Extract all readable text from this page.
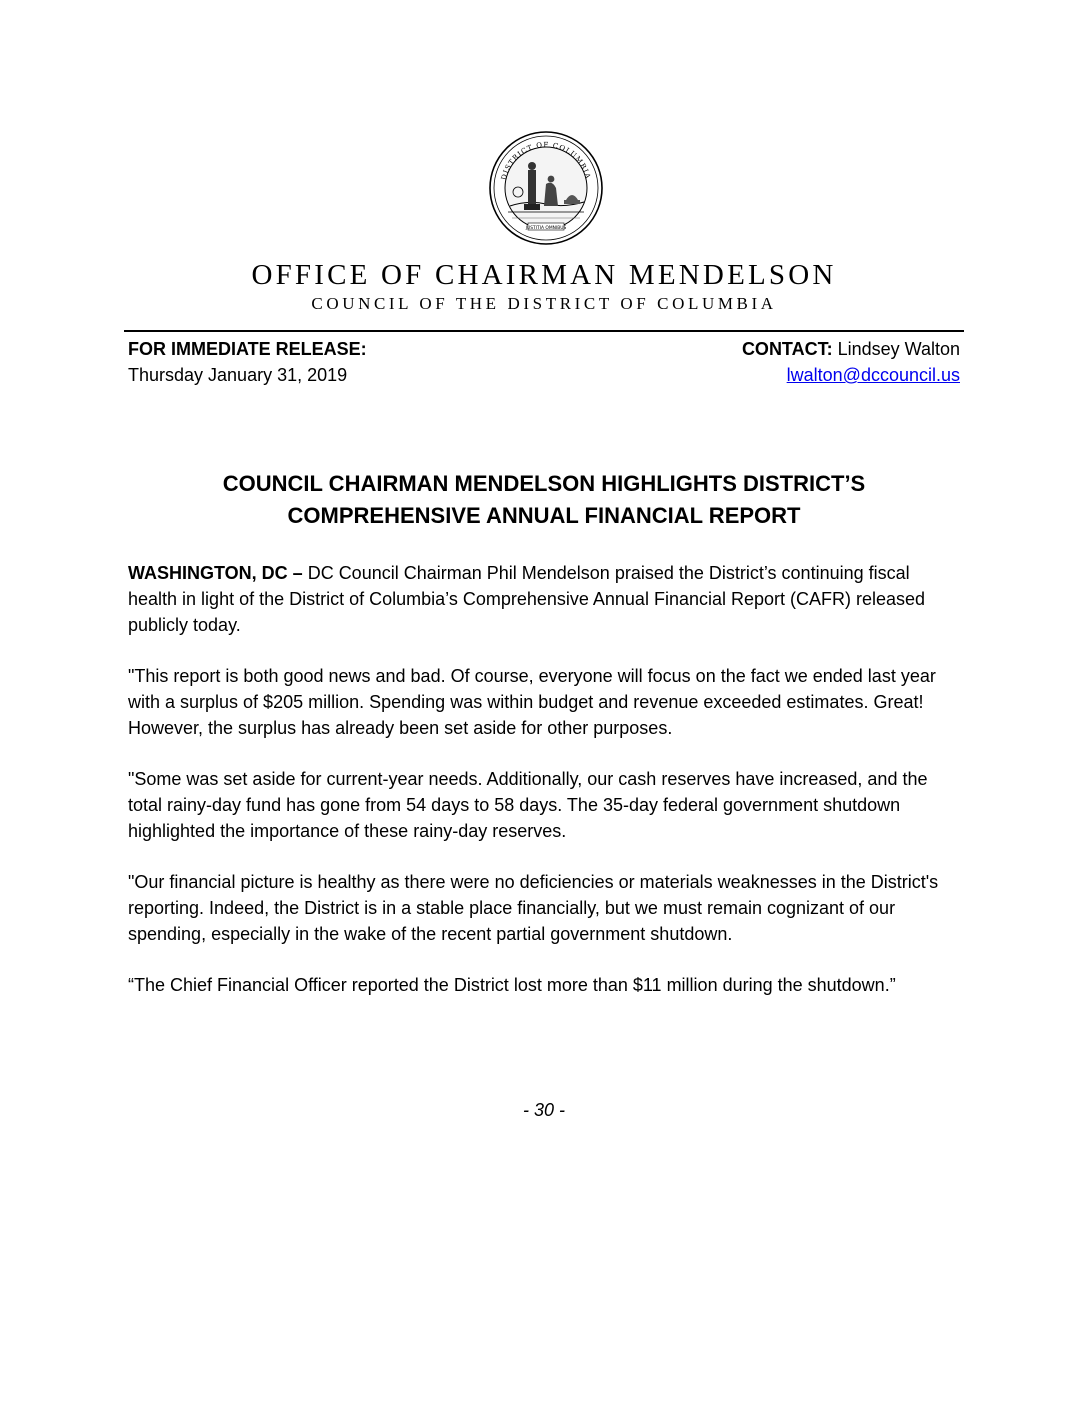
DISTRICT OF COLUMBIA
JUSTITIA OMNIBUS
OFFICE OF CHAIRMAN MENDELSON
COUNCIL OF THE DISTRICT OF COLUMBIA
FOR IMMEDIATE RELEASE:
Thursday January 31, 2019
CONTACT: Lindsey Walton
lwalton@dccouncil.us
COUNCIL CHAIRMAN MENDELSON HIGHLIGHTS DISTRICT’S
COMPREHENSIVE ANNUAL FINANCIAL REPORT

WASHINGTON, DC – DC Council Chairman Phil Mendelson praised the District’s continuing fiscal health in light of the District of Columbia’s Comprehensive Annual Financial Report (CAFR) released publicly today.

"This report is both good news and bad. Of course, everyone will focus on the fact we ended last year with a surplus of $205 million. Spending was within budget and revenue exceeded estimates. Great! However, the surplus has already been set aside for other purposes.

"Some was set aside for current-year needs. Additionally, our cash reserves have increased, and the total rainy-day fund has gone from 54 days to 58 days. The 35-day federal government shutdown highlighted the importance of these rainy-day reserves.

"Our financial picture is healthy as there were no deficiencies or materials weaknesses in the District's reporting. Indeed, the District is in a stable place financially, but we must remain cognizant of our spending, especially in the wake of the recent partial government shutdown.

“The Chief Financial Officer reported the District lost more than $11 million during the shutdown.”

- 30 -
